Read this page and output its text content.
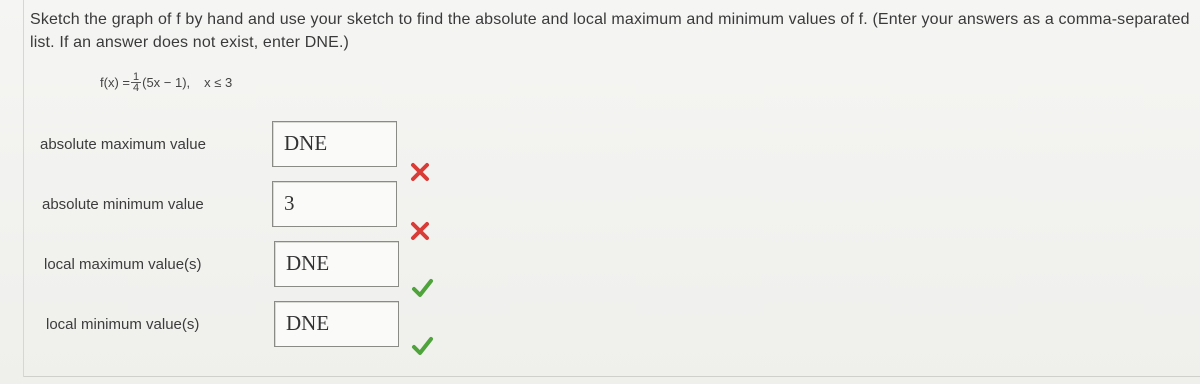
Sketch the graph of f by hand and use your sketch to find the absolute and local maximum and minimum values of f. (Enter your answers as a comma-separated list. If an answer does not exist, enter DNE.)
$f(x) = \frac{1}{4} (5x - 1)$, x ≤ 3
absolute maximum value	DNE
absolute minimum value	3
local maximum value(s)	DNE
local minimum value(s)	DNE
